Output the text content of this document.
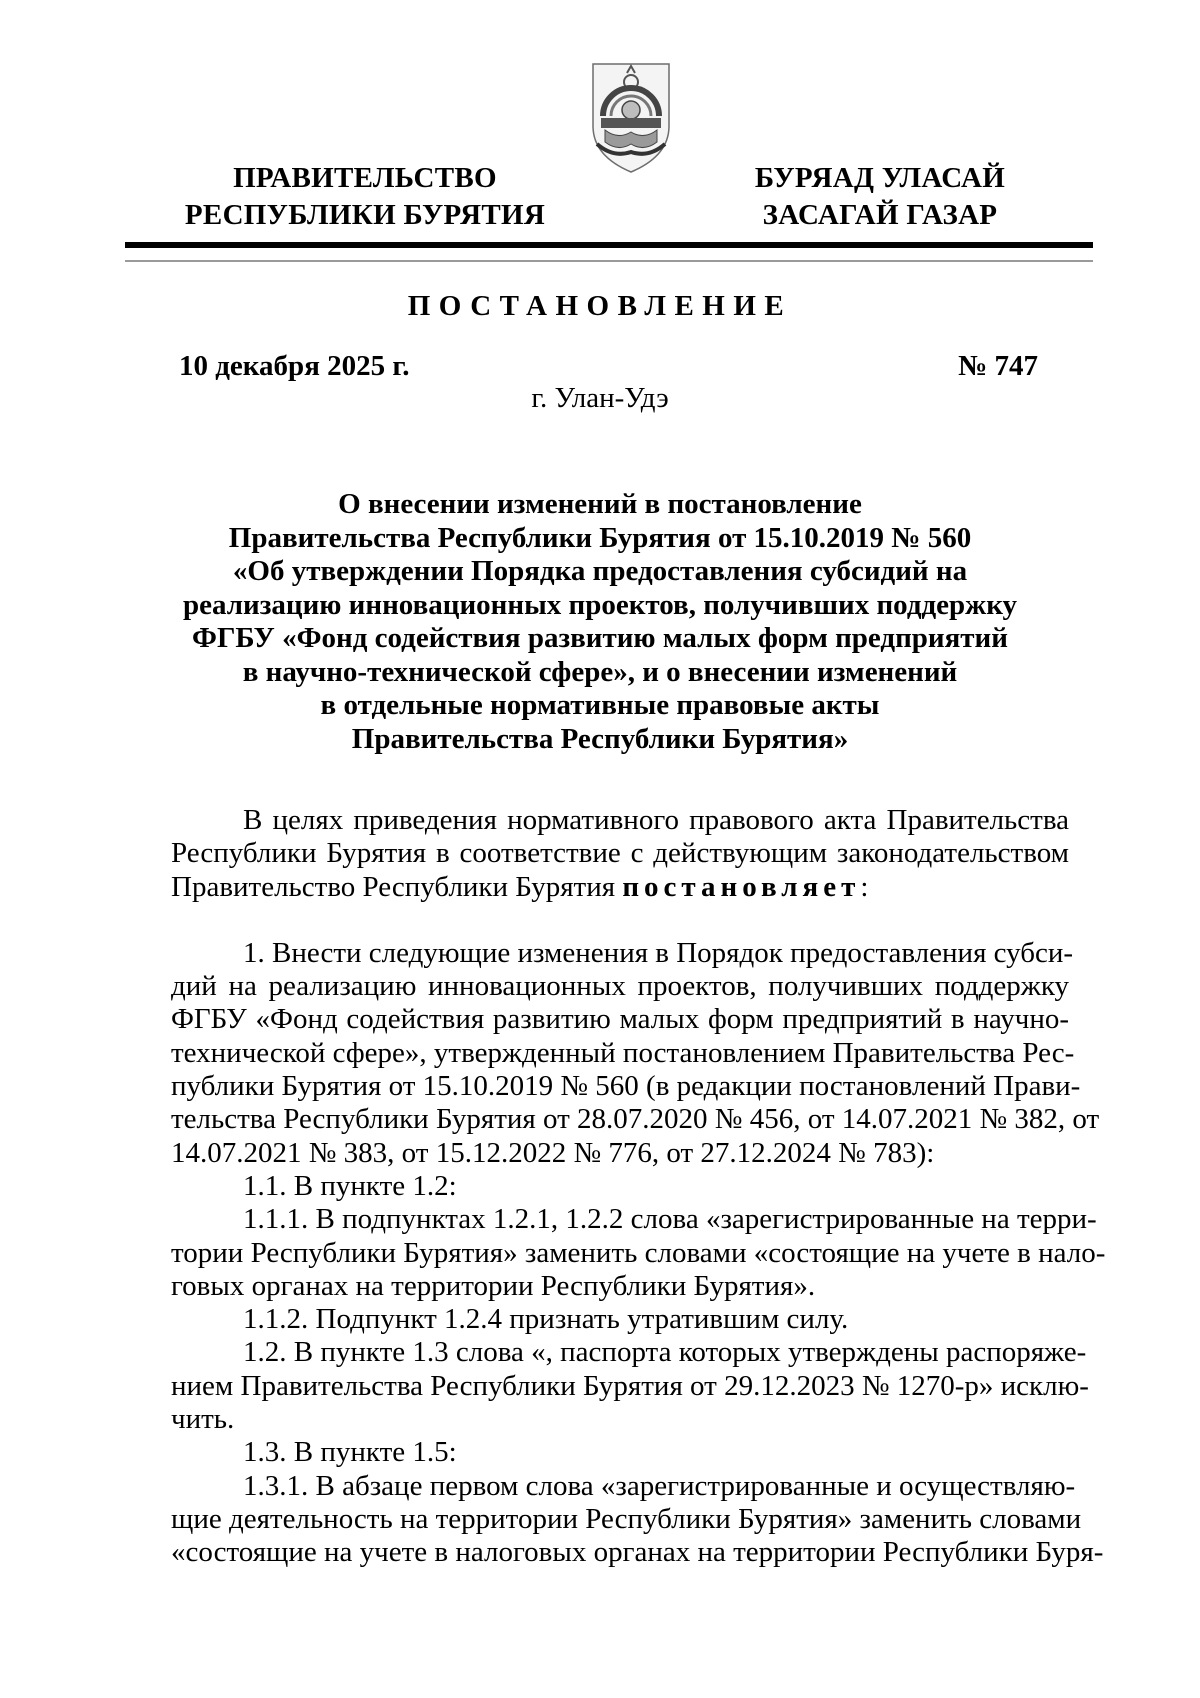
ПРАВИТЕЛЬСТВО
РЕСПУБЛИКИ БУРЯТИЯ
БУРЯАД УЛАСАЙ
ЗАСАГАЙ ГАЗАР
ПОСТАНОВЛЕНИЕ
10 декабря 2025 г.	№ 747
г. Улан-Удэ
О внесении изменений в постановление
Правительства Республики Бурятия от 15.10.2019 № 560
«Об утверждении Порядка предоставления субсидий на
реализацию инновационных проектов, получивших поддержку
ФГБУ «Фонд содействия развитию малых форм предприятий
в научно-технической сфере», и о внесении изменений
в отдельные нормативные правовые акты
Правительства Республики Бурятия»

В целях приведения нормативного правового акта Правительства
Республики Бурятия в соответствие с действующим законодательством
Правительство Республики Бурятия постановляет:

1. Внести следующие изменения в Порядок предоставления субси-
дий на реализацию инновационных проектов, получивших поддержку
ФГБУ «Фонд содействия развитию малых форм предприятий в научно-
технической сфере», утвержденный постановлением Правительства Рес-
публики Бурятия от 15.10.2019 № 560 (в редакции постановлений Прави-
тельства Республики Бурятия от 28.07.2020 № 456, от 14.07.2021 № 382, от
14.07.2021 № 383, от 15.12.2022 № 776, от 27.12.2024 № 783):

1.1. В пункте 1.2:

1.1.1. В подпунктах 1.2.1, 1.2.2 слова «зарегистрированные на терри-
тории Республики Бурятия» заменить словами «состоящие на учете в нало-
говых органах на территории Республики Бурятия».

1.1.2. Подпункт 1.2.4 признать утратившим силу.

1.2. В пункте 1.3 слова «, паспорта которых утверждены распоряже-
нием Правительства Республики Бурятия от 29.12.2023 № 1270-р» исклю-
чить.

1.3. В пункте 1.5:

1.3.1. В абзаце первом слова «зарегистрированные и осуществляю-
щие деятельность на территории Республики Бурятия» заменить словами
«состоящие на учете в налоговых органах на территории Республики Буря-
